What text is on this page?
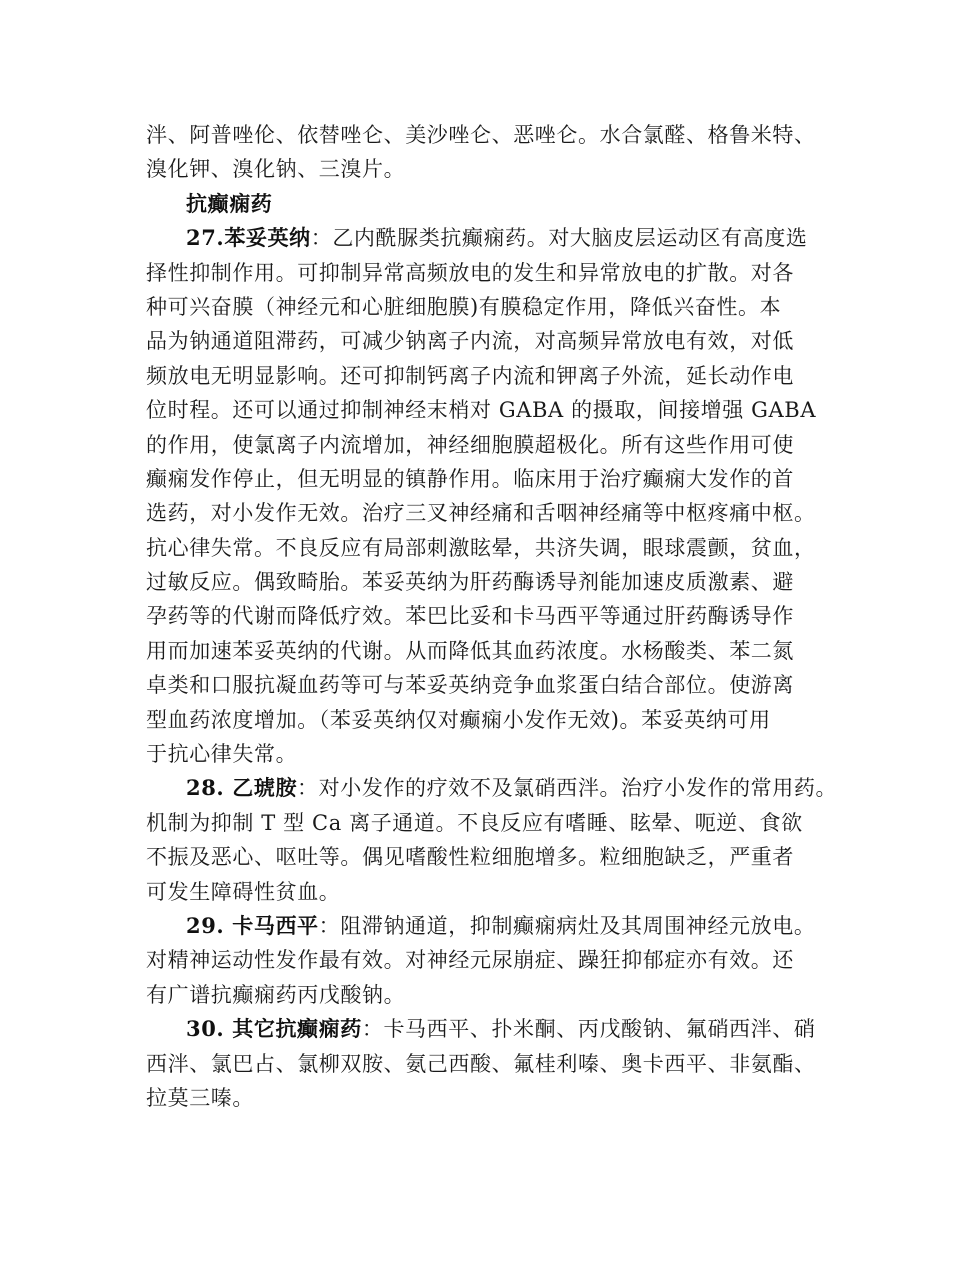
泮、阿普唑伦、依替唑仑、美沙唑仑、恶唑仑。水合氯醛、格鲁米特、
溴化钾、溴化钠、三溴片。
抗癫痫药
27.苯妥英纳：乙内酰脲类抗癫痫药。对大脑皮层运动区有高度选
择性抑制作用。可抑制异常高频放电的发生和异常放电的扩散。对各
种可兴奋膜（神经元和心脏细胞膜)有膜稳定作用，降低兴奋性。本
品为钠通道阻滞药，可减少钠离子内流，对高频异常放电有效，对低
频放电无明显影响。还可抑制钙离子内流和钾离子外流，延长动作电
位时程。还可以通过抑制神经末梢对 GABA 的摄取，间接增强 GABA
的作用，使氯离子内流增加，神经细胞膜超极化。所有这些作用可使
癫痫发作停止，但无明显的镇静作用。临床用于治疗癫痫大发作的首
选药，对小发作无效。治疗三叉神经痛和舌咽神经痛等中枢疼痛中枢。
抗心律失常。不良反应有局部刺激眩晕，共济失调，眼球震颤，贫血，
过敏反应。偶致畸胎。苯妥英纳为肝药酶诱导剂能加速皮质激素、避
孕药等的代谢而降低疗效。苯巴比妥和卡马西平等通过肝药酶诱导作
用而加速苯妥英纳的代谢。从而降低其血药浓度。水杨酸类、苯二氮
卓类和口服抗凝血药等可与苯妥英纳竞争血浆蛋白结合部位。使游离
型血药浓度增加。（苯妥英纳仅对癫痫小发作无效)。苯妥英纳可用
于抗心律失常。
28. 乙琥胺：对小发作的疗效不及氯硝西泮。治疗小发作的常用药。
机制为抑制 T 型 Ca 离子通道。不良反应有嗜睡、眩晕、呃逆、食欲
不振及恶心、呕吐等。偶见嗜酸性粒细胞增多。粒细胞缺乏，严重者
可发生障碍性贫血。
29. 卡马西平：阻滞钠通道，抑制癫痫病灶及其周围神经元放电。
对精神运动性发作最有效。对神经元尿崩症、躁狂抑郁症亦有效。还
有广谱抗癫痫药丙戊酸钠。
30. 其它抗癫痫药：卡马西平、扑米酮、丙戊酸钠、氟硝西泮、硝
西泮、氯巴占、氯柳双胺、氨己西酸、氟桂利嗪、奥卡西平、非氨酯、
拉莫三嗪。
